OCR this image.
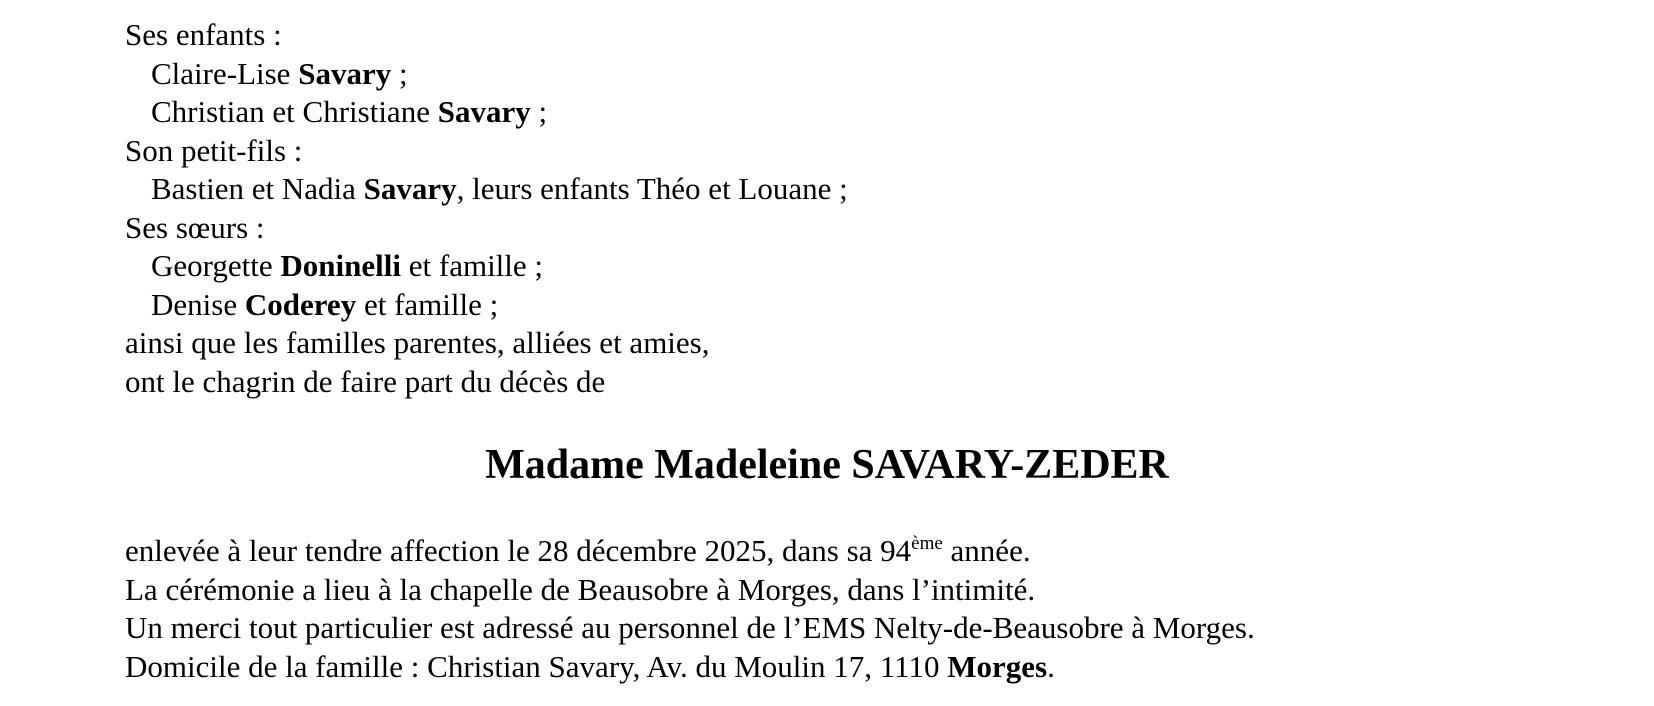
Ses enfants :
Claire-Lise Savary ;
Christian et Christiane Savary ;
Son petit-fils :
Bastien et Nadia Savary, leurs enfants Théo et Louane ;
Ses sœurs :
Georgette Doninelli et famille ;
Denise Coderey et famille ;
ainsi que les familles parentes, alliées et amies,
ont le chagrin de faire part du décès de
Madame Madeleine SAVARY-ZEDER
enlevée à leur tendre affection le 28 décembre 2025, dans sa 94ème année.
La cérémonie a lieu à la chapelle de Beausobre à Morges, dans l’intimité.
Un merci tout particulier est adressé au personnel de l’EMS Nelty-de-Beausobre à Morges.
Domicile de la famille : Christian Savary, Av. du Moulin 17, 1110 Morges.
